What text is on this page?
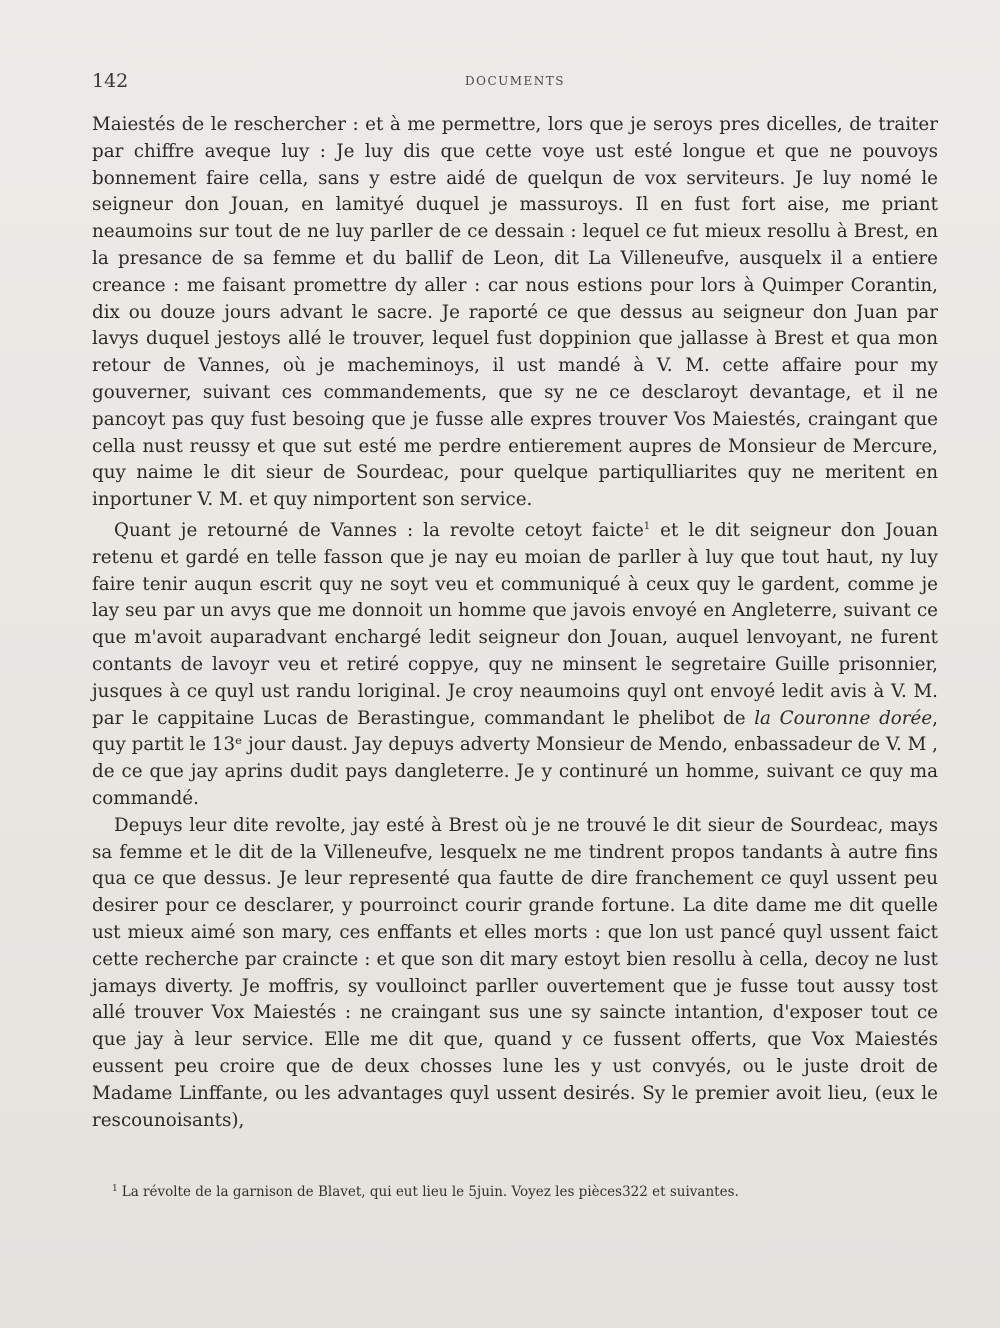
142	DOCUMENTS

Maiestés de le reschercher : et à me permettre, lors que je seroys pres dicelles, de traiter par chiffre aveque luy : Je luy dis que cette voye ust esté longue et que ne pouvoys bonnement faire cella, sans y estre aidé de quelqun de vox serviteurs. Je luy nomé le seigneur don Jouan, en lamityé duquel je massuroys. Il en fust fort aise, me priant neaumoins sur tout de ne luy parller de ce dessain : lequel ce fut mieux resollu à Brest, en la presance de sa femme et du ballif de Leon, dit La Villeneufve, ausquelx il a entiere creance : me faisant promettre dy aller : car nous estions pour lors à Quimper Corantin, dix ou douze jours advant le sacre. Je raporté ce que dessus au seigneur don Juan par lavys duquel jestoys allé le trouver, lequel fust doppinion que jallasse à Brest et qua mon retour de Vannes, où je macheminoys, il ust mandé à V. M. cette affaire pour my gouverner, suivant ces commandements, que sy ne ce desclaroyt devantage, et il ne pancoyt pas quy fust besoing que je fusse alle expres trouver Vos Maiestés, craingant que cella nust reussy et que sut esté me perdre entierement aupres de Monsieur de Mercure, quy naime le dit sieur de Sourdeac, pour quelque partiqulliarites quy ne meritent en inportuner V. M. et quy nimportent son service.

Quant je retourné de Vannes : la revolte cetoyt faicte$^1$ et le dit seigneur don Jouan retenu et gardé en telle fasson que je nay eu moian de parller à luy que tout haut, ny luy faire tenir auqun escrit quy ne soyt veu et communiqué à ceux quy le gardent, comme je lay seu par un avys que me donnoit un homme que javois envoyé en Angleterre, suivant ce que m'avoit auparadvant enchargé ledit seigneur don Jouan, auquel lenvoyant, ne furent contants de lavoyr veu et retiré coppye, quy ne minsent le segretaire Guille prisonnier, jusques à ce quyl ust randu loriginal. Je croy neaumoins quyl ont envoyé ledit avis à V. M. par le cappitaine Lucas de Berastingue, commandant le phelibot de la Couronne dorée, quy partit le 13ᵉ jour daust. Jay depuys adverty Monsieur de Mendo, enbassadeur de V. M , de ce que jay aprins dudit pays dangleterre. Je y continuré un homme, suivant ce quy ma commandé.

Depuys leur dite revolte, jay esté à Brest où je ne trouvé le dit sieur de Sourdeac, mays sa femme et le dit de la Villeneufve, lesquelx ne me tindrent propos tandants à autre fins qua ce que dessus. Je leur representé qua fautte de dire franchement ce quyl ussent peu desirer pour ce desclarer, y pourroinct courir grande fortune. La dite dame me dit quelle ust mieux aimé son mary, ces enffants et elles morts : que lon ust pancé quyl ussent faict cette recherche par craincte : et que son dit mary estoyt bien resollu à cella, decoy ne lust jamays diverty. Je moffris, sy voulloinct parller ouvertement que je fusse tout aussy tost allé trouver Vox Maiestés : ne craingant sus une sy saincte intantion, d'exposer tout ce que jay à leur service. Elle me dit que, quand y ce fussent offerts, que Vox Maiestés eussent peu croire que de deux chosses lune les y ust convyés, ou le juste droit de Madame Linffante, ou les advantages quyl ussent desirés. Sy le premier avoit lieu, (eux le rescounoisants),

$^1$ La révolte de la garnison de Blavet, qui eut lieu le 5juin. Voyez les pièces322 et suivantes.
